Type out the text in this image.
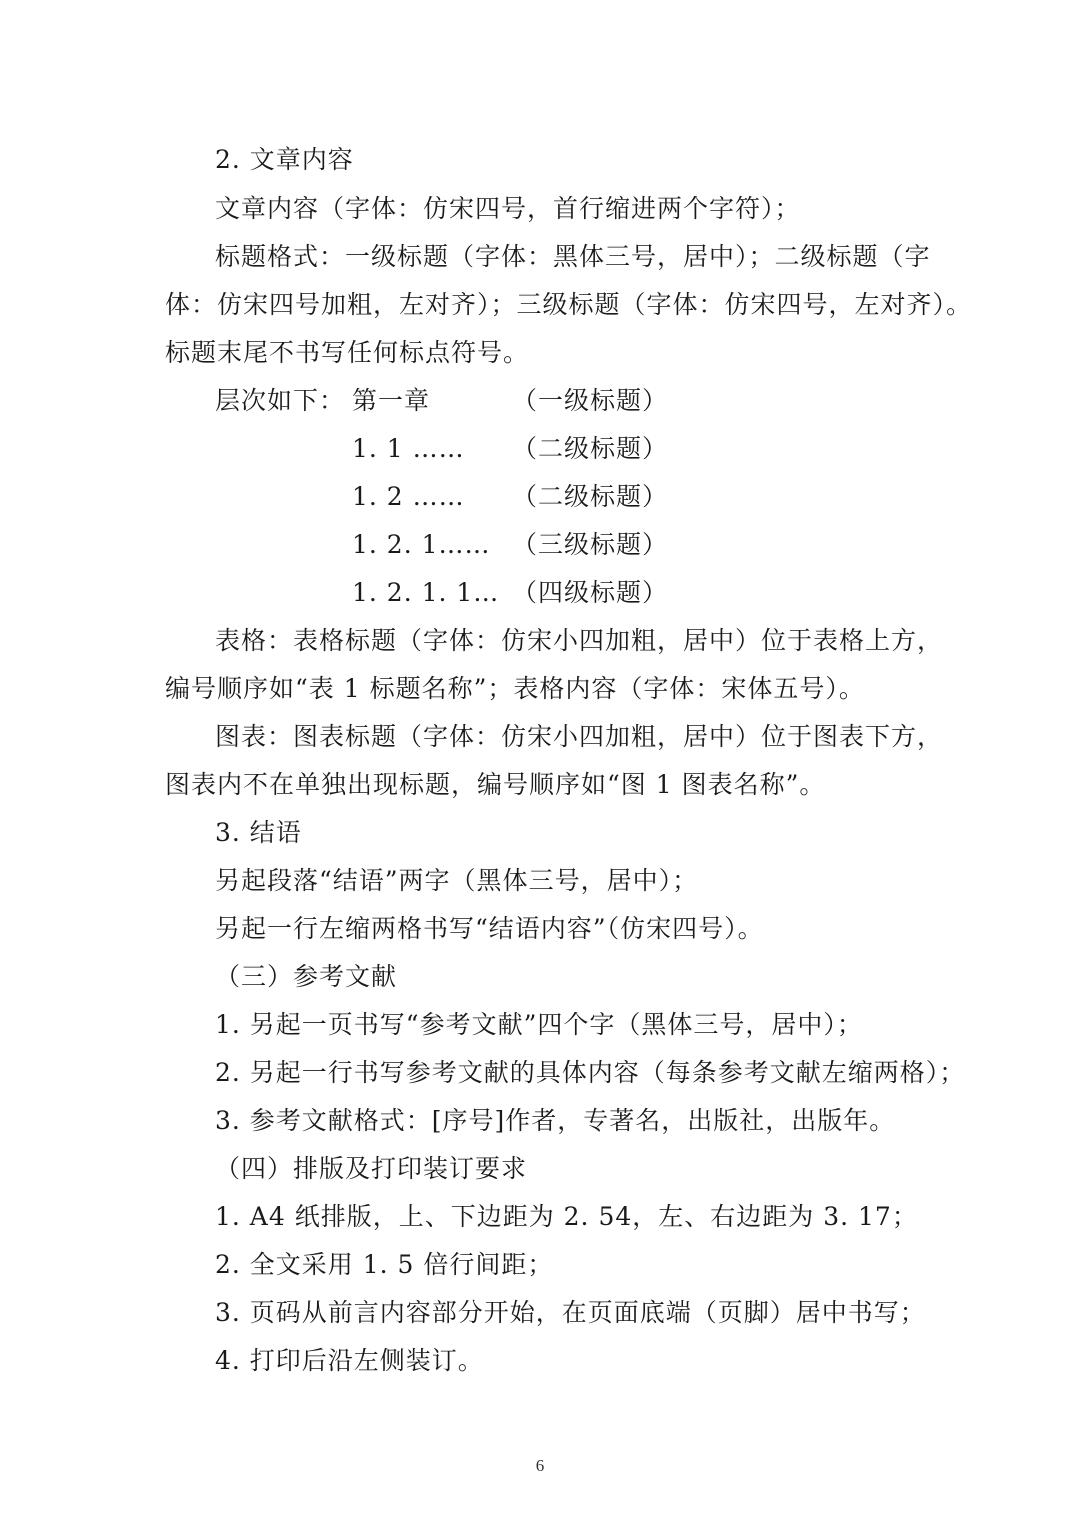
2. 文章内容
文章内容（字体：仿宋四号，首行缩进两个字符）；
标题格式：一级标题（字体：黑体三号，居中）；二级标题（字
体：仿宋四号加粗，左对齐）；三级标题（字体：仿宋四号，左对齐）。
标题末尾不书写任何标点符号。
层次如下： 第一章	（一级标题）
1. 1 …… （二级标题）
1. 2 …… （二级标题）
1. 2. 1…… （三级标题）
1. 2. 1. 1… （四级标题）
表格：表格标题（字体：仿宋小四加粗，居中）位于表格上方，
编号顺序如“表 1 标题名称”；表格内容（字体：宋体五号）。
图表：图表标题（字体：仿宋小四加粗，居中）位于图表下方，
图表内不在单独出现标题，编号顺序如“图 1 图表名称”。
3. 结语
另起段落“结语”两字（黑体三号，居中）；
另起一行左缩两格书写“结语内容”（仿宋四号）。
（三）参考文献
1. 另起一页书写“参考文献”四个字（黑体三号，居中）；
2. 另起一行书写参考文献的具体内容（每条参考文献左缩两格）；
3. 参考文献格式：[序号]作者，专著名，出版社，出版年。
（四）排版及打印装订要求
1. A4 纸排版，上、下边距为 2. 54，左、右边距为 3. 17；
2. 全文采用 1. 5 倍行间距；
3. 页码从前言内容部分开始，在页面底端（页脚）居中书写；
4. 打印后沿左侧装订。
6
